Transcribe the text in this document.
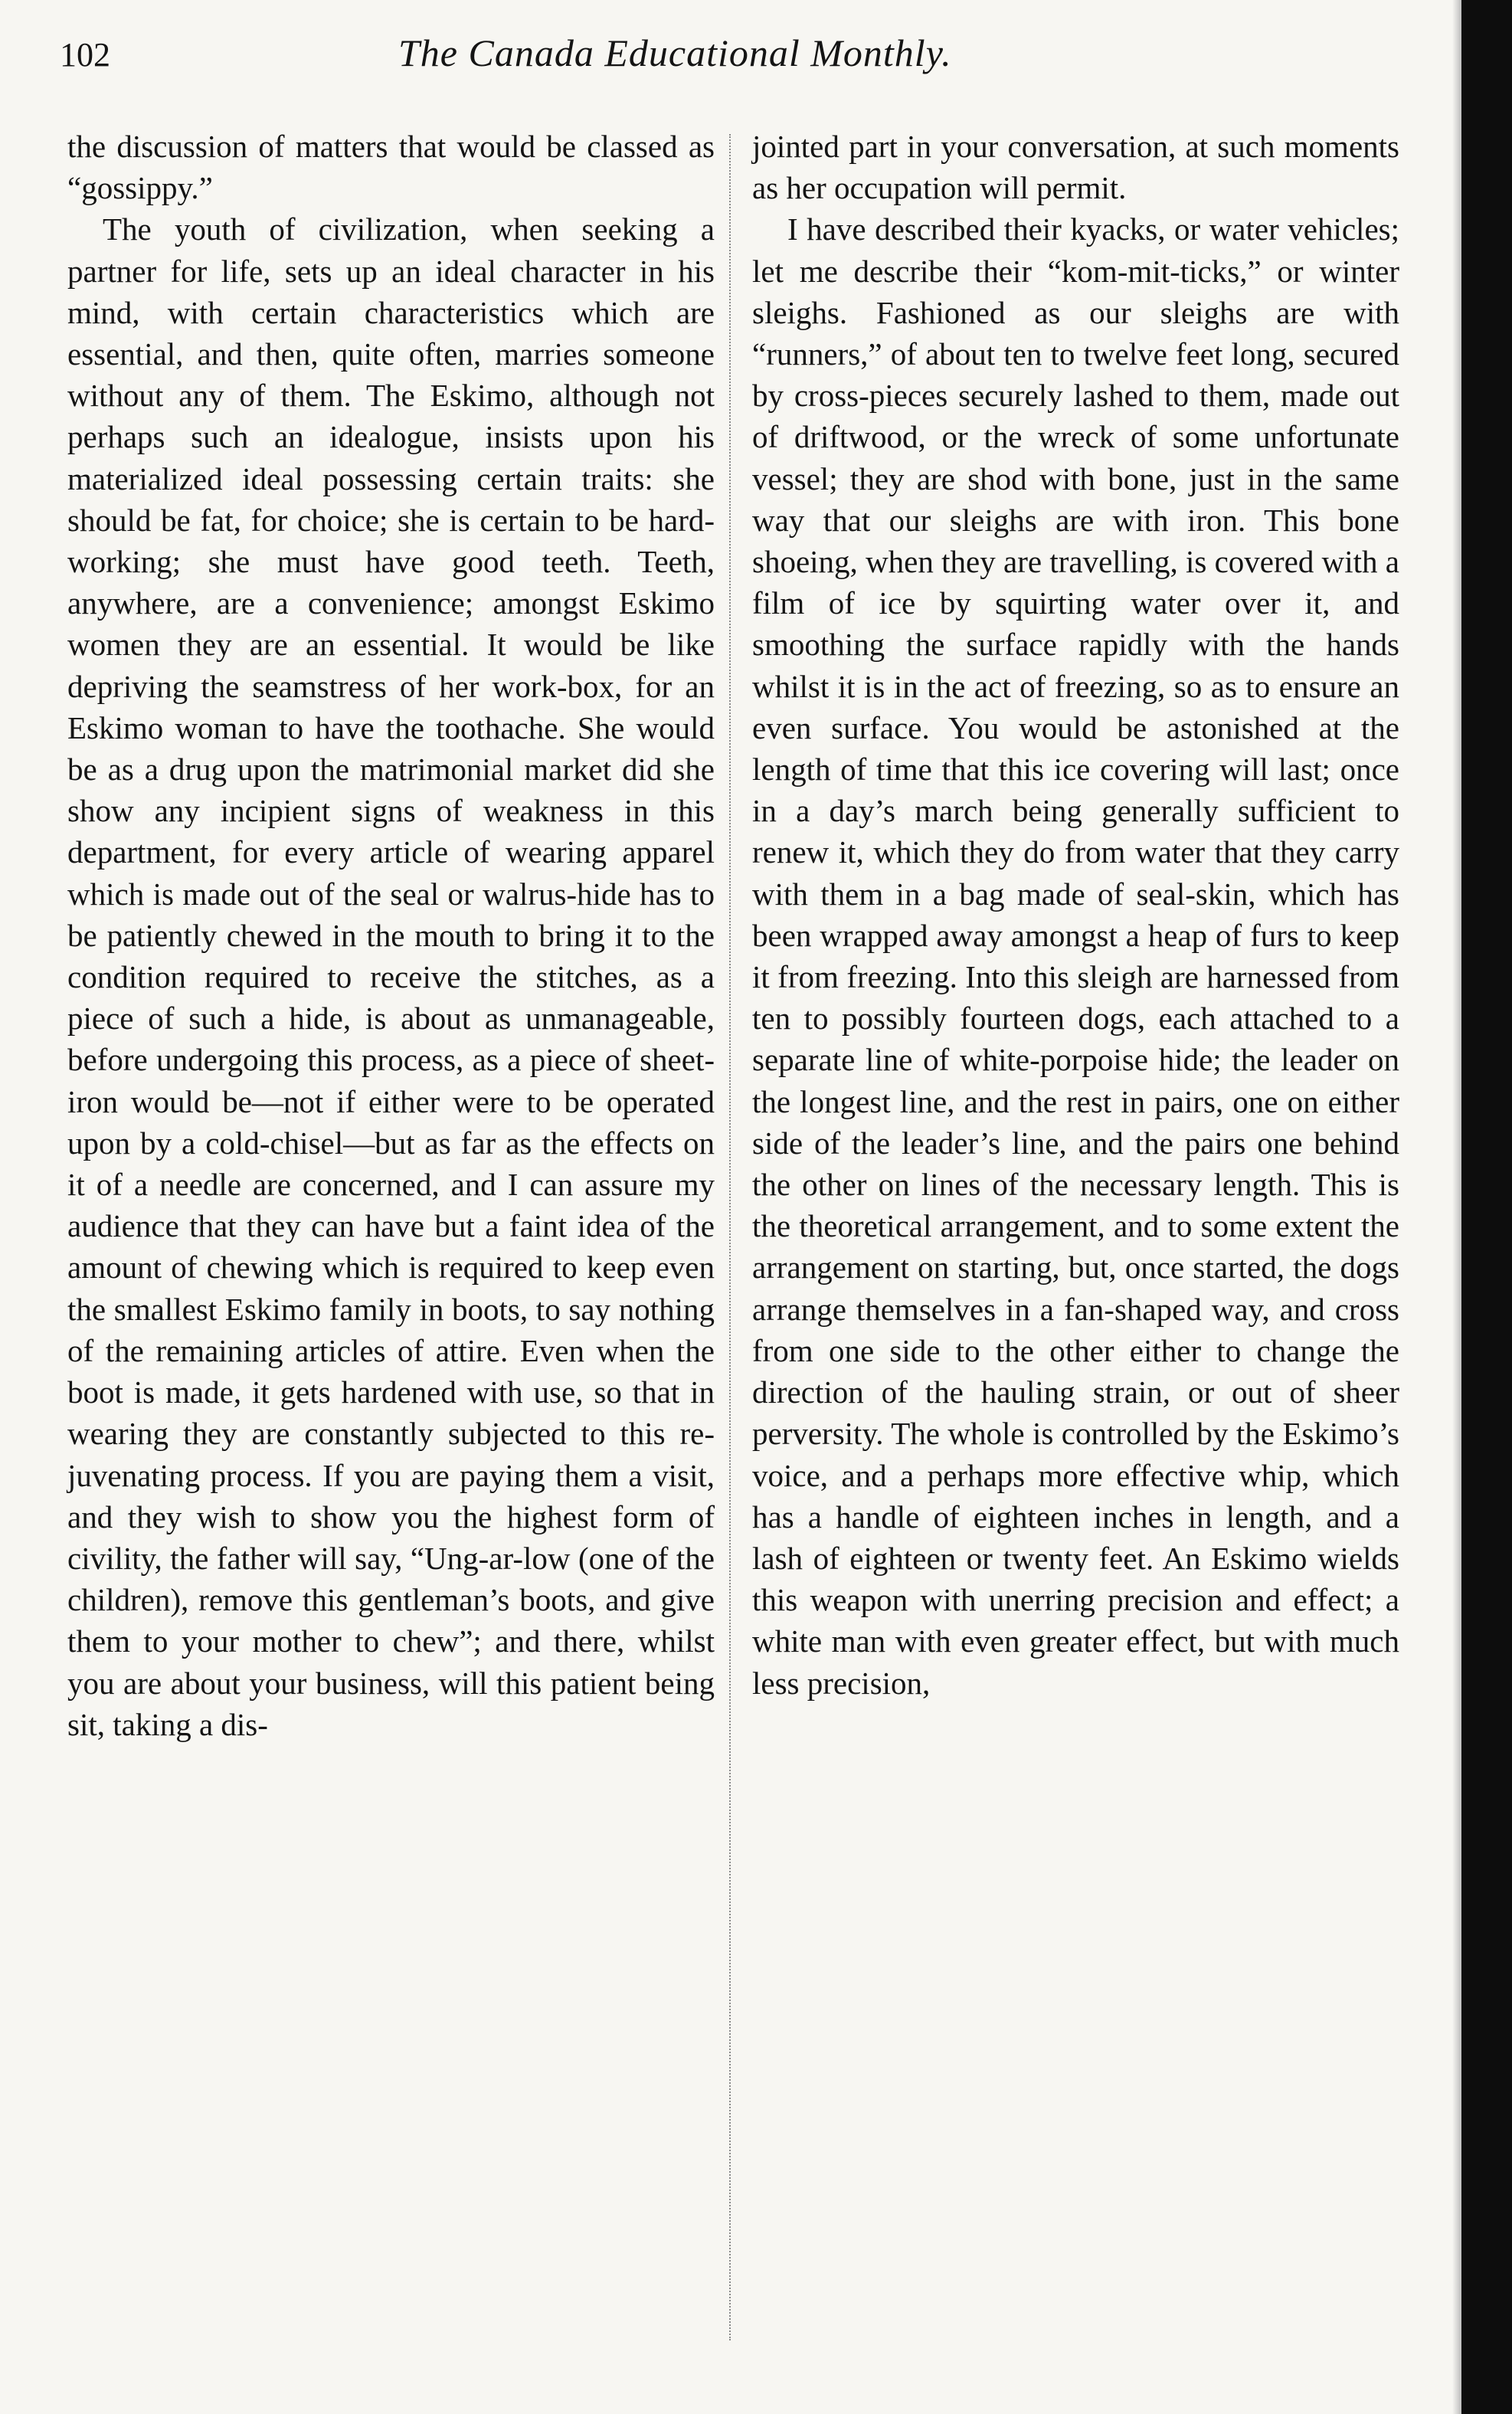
102	The Canada Educational Monthly.

the discussion of matters that would be classed as “gossippy.”

The youth of civilization, when seeking a partner for life, sets up an ideal character in his mind, with certain characteristics which are essential, and then, quite often, marries someone without any of them. The Eskimo, although not perhaps such an idealogue, insists upon his materialized ideal possessing certain traits: she should be fat, for choice; she is certain to be hard-working; she must have good teeth. Teeth, anywhere, are a convenience; amongst Eskimo women they are an essential. It would be like depriving the seamstress of her work-box, for an Eskimo woman to have the toothache. She would be as a drug upon the matrimonial market did she show any incipient signs of weakness in this department, for every article of wearing apparel which is made out of the seal or walrus-hide has to be patiently chewed in the mouth to bring it to the condition required to receive the stitches, as a piece of such a hide, is about as unmanageable, before undergoing this process, as a piece of sheet-iron would be—not if either were to be operated upon by a cold-chisel—but as far as the effects on it of a needle are concerned, and I can assure my audience that they can have but a faint idea of the amount of chewing which is required to keep even the smallest Eskimo family in boots, to say nothing of the remaining articles of attire. Even when the boot is made, it gets hardened with use, so that in wearing they are constantly subjected to this re-juvenating process. If you are paying them a visit, and they wish to show you the highest form of civility, the father will say, “Ung-ar-low (one of the children), remove this gentleman’s boots, and give them to your mother to chew”; and there, whilst you are about your business, will this patient being sit, taking a dis-

jointed part in your conversation, at such moments as her occupation will permit.

I have described their kyacks, or water vehicles; let me describe their “kom-mit-ticks,” or winter sleighs. Fashioned as our sleighs are with “runners,” of about ten to twelve feet long, secured by cross-pieces securely lashed to them, made out of driftwood, or the wreck of some unfortunate vessel; they are shod with bone, just in the same way that our sleighs are with iron. This bone shoeing, when they are travelling, is covered with a film of ice by squirting water over it, and smoothing the surface rapidly with the hands whilst it is in the act of freezing, so as to ensure an even surface. You would be astonished at the length of time that this ice covering will last; once in a day’s march being generally sufficient to renew it, which they do from water that they carry with them in a bag made of seal-skin, which has been wrapped away amongst a heap of furs to keep it from freezing. Into this sleigh are harnessed from ten to possibly fourteen dogs, each attached to a separate line of white-porpoise hide; the leader on the longest line, and the rest in pairs, one on either side of the leader’s line, and the pairs one behind the other on lines of the necessary length. This is the theoretical arrangement, and to some extent the arrangement on starting, but, once started, the dogs arrange themselves in a fan-shaped way, and cross from one side to the other either to change the direction of the hauling strain, or out of sheer perversity. The whole is controlled by the Eskimo’s voice, and a perhaps more effective whip, which has a handle of eighteen inches in length, and a lash of eighteen or twenty feet. An Eskimo wields this weapon with unerring precision and effect; a white man with even greater effect, but with much less precision,
